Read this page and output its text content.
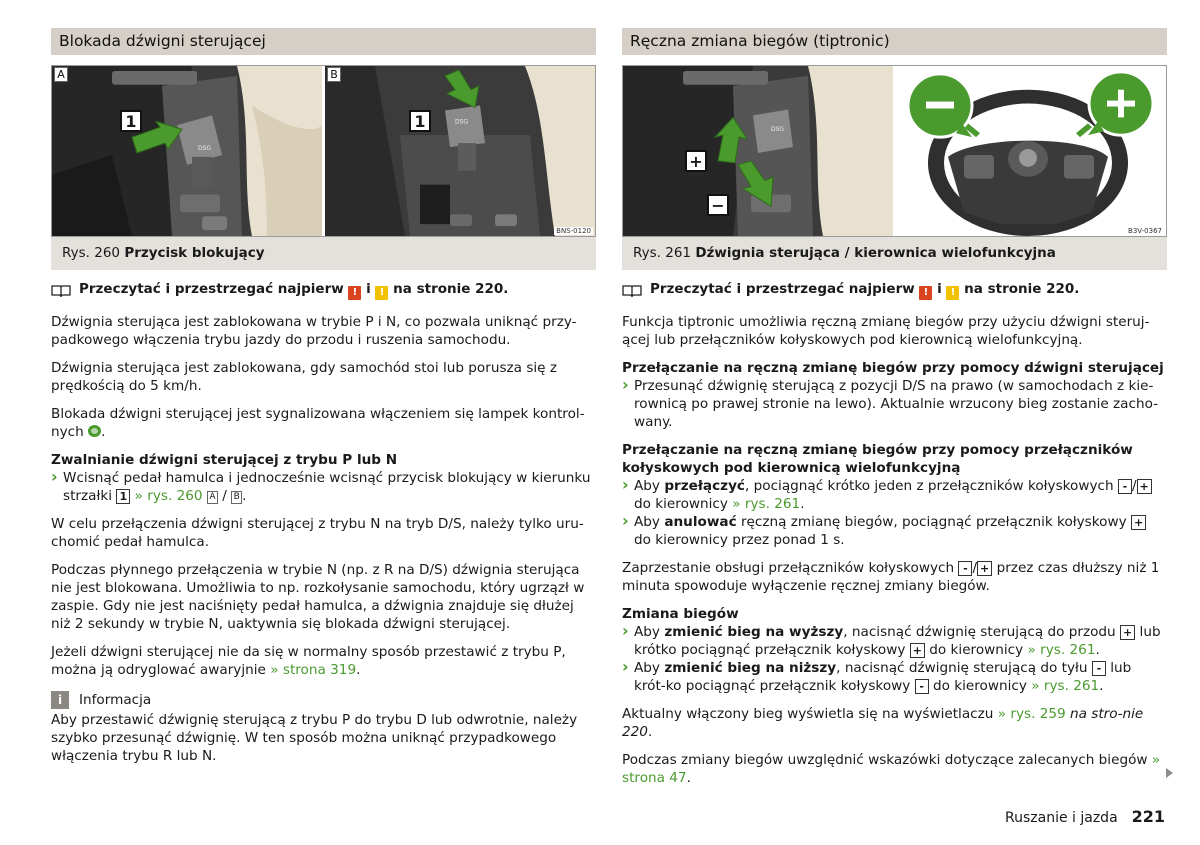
Blokada dźwigni sterującej
DSG
A
1	DSG
B
1
BNS-0120
Rys. 260 Przycisk blokujący
Przeczytać i przestrzegać najpierw ! i ! na stronie 220.
Dźwignia sterująca jest zablokowana w trybie P i N, co pozwala uniknąć przy-padkowego włączenia trybu jazdy do przodu i ruszenia samochodu.
Dźwignia sterująca jest zablokowana, gdy samochód stoi lub porusza się z prędkością do 5 km/h.
Blokada dźwigni sterującej jest sygnalizowana włączeniem się lampek kontrol-nych .
Zwalnianie dźwigni sterującej z trybu P lub N
› Wcisnąć pedał hamulca i jednocześnie wcisnąć przycisk blokujący w kierunku strzałki 1 » rys. 260 A / B .
W celu przełączenia dźwigni sterującej z trybu N na tryb D/S, należy tylko uru-chomić pedał hamulca.
Podczas płynnego przełączenia w trybie N (np. z R na D/S) dźwignia sterująca nie jest blokowana. Umożliwia to np. rozkołysanie samochodu, który ugrzązł w zaspie. Gdy nie jest naciśnięty pedał hamulca, a dźwignia znajduje się dłużej niż 2 sekundy w trybie N, uaktywnia się blokada dźwigni sterującej.
Jeżeli dźwigni sterującej nie da się w normalny sposób przestawić z trybu P, można ją odryglować awaryjnie » strona 319.
i	Informacja
Aby przestawić dźwignię sterującą z trybu P do trybu D lub odwrotnie, należy szybko przesunąć dźwignię. W ten sposób można uniknąć przypadkowego włączenia trybu R lub N.
Ręczna zmiana biegów (tiptronic)
DSG
+
−
B3V-0367
Rys. 261 Dźwignia sterująca / kierownica wielofunkcyjna
Przeczytać i przestrzegać najpierw ! i ! na stronie 220.
Funkcja tiptronic umożliwia ręczną zmianę biegów przy użyciu dźwigni steruj-ącej lub przełączników kołyskowych pod kierownicą wielofunkcyjną.
Przełączanie na ręczną zmianę biegów przy pomocy dźwigni sterującej
› Przesunąć dźwignię sterującą z pozycji D/S na prawo (w samochodach z kie-rownicą po prawej stronie na lewo). Aktualnie wrzucony bieg zostanie zacho-wany.
Przełączanie na ręczną zmianę biegów przy pomocy przełączników kołyskowych pod kierownicą wielofunkcyjną
› Aby przełączyć, pociągnąć krótko jeden z przełączników kołyskowych - / + do kierownicy » rys. 261.
› Aby anulować ręczną zmianę biegów, pociągnąć przełącznik kołyskowy + do kierownicy przez ponad 1 s.
Zaprzestanie obsługi przełączników kołyskowych - / + przez czas dłuższy niż 1 minuta spowoduje wyłączenie ręcznej zmiany biegów.
Zmiana biegów
› Aby zmienić bieg na wyższy, nacisnąć dźwignię sterującą do przodu + lub krótko pociągnąć przełącznik kołyskowy + do kierownicy » rys. 261.
› Aby zmienić bieg na niższy, nacisnąć dźwignię sterującą do tyłu - lub krót-ko pociągnąć przełącznik kołyskowy - do kierownicy » rys. 261.
Aktualny włączony bieg wyświetla się na wyświetlaczu » rys. 259 na stro-nie 220.
Podczas zmiany biegów uwzględnić wskazówki dotyczące zalecanych biegów » strona 47.
Ruszanie i jazda 221
